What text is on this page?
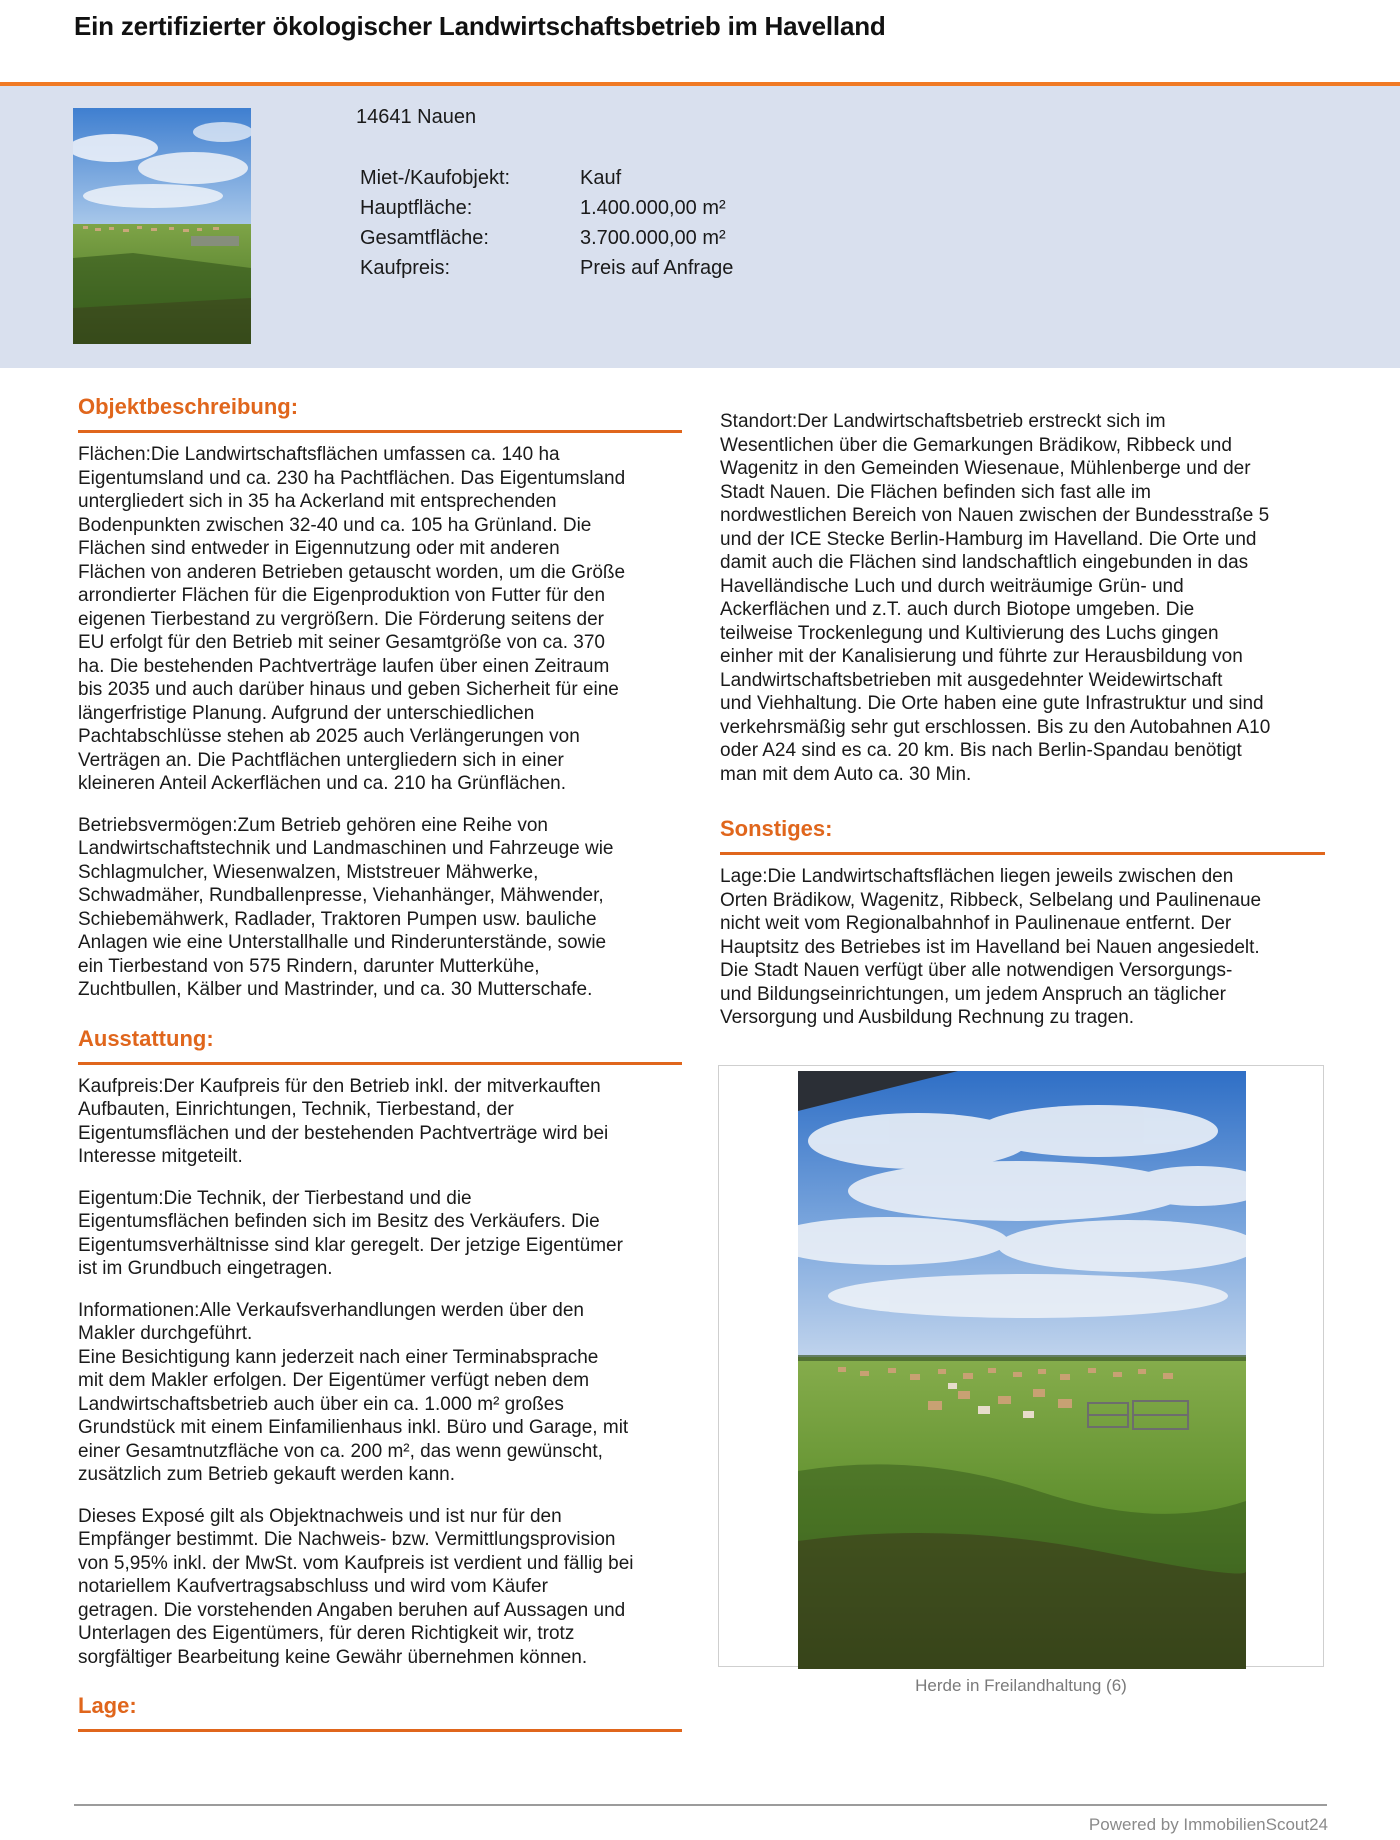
Ein zertifizierter ökologischer Landwirtschaftsbetrieb im Havelland
14641 Nauen
Miet-/Kaufobjekt:	Kauf
Hauptfläche:	1.400.000,00 m²
Gesamtfläche:	3.700.000,00 m²
Kaufpreis:	Preis auf Anfrage
Objektbeschreibung:

Flächen:Die Landwirtschaftsflächen umfassen ca. 140 ha
Eigentumsland und ca. 230 ha Pachtflächen. Das Eigentumsland
untergliedert sich in 35 ha Ackerland mit entsprechenden
Bodenpunkten zwischen 32-40 und ca. 105 ha Grünland. Die
Flächen sind entweder in Eigennutzung oder mit anderen
Flächen von anderen Betrieben getauscht worden, um die Größe
arrondierter Flächen für die Eigenproduktion von Futter für den
eigenen Tierbestand zu vergrößern. Die Förderung seitens der
EU erfolgt für den Betrieb mit seiner Gesamtgröße von ca. 370
ha. Die bestehenden Pachtverträge laufen über einen Zeitraum
bis 2035 und auch darüber hinaus und geben Sicherheit für eine
längerfristige Planung. Aufgrund der unterschiedlichen
Pachtabschlüsse stehen ab 2025 auch Verlängerungen von
Verträgen an. Die Pachtflächen untergliedern sich in einer
kleineren Anteil Ackerflächen und ca. 210 ha Grünflächen.

Betriebsvermögen:Zum Betrieb gehören eine Reihe von
Landwirtschaftstechnik und Landmaschinen und Fahrzeuge wie
Schlagmulcher, Wiesenwalzen, Miststreuer Mähwerke,
Schwadmäher, Rundballenpresse, Viehanhänger, Mähwender,
Schiebemähwerk, Radlader, Traktoren Pumpen usw. bauliche
Anlagen wie eine Unterstallhalle und Rinderunterstände, sowie
ein Tierbestand von 575 Rindern, darunter Mutterkühe,
Zuchtbullen, Kälber und Mastrinder, und ca. 30 Mutterschafe.

Ausstattung:

Kaufpreis:Der Kaufpreis für den Betrieb inkl. der mitverkauften
Aufbauten, Einrichtungen, Technik, Tierbestand, der
Eigentumsflächen und der bestehenden Pachtverträge wird bei
Interesse mitgeteilt.

Eigentum:Die Technik, der Tierbestand und die
Eigentumsflächen befinden sich im Besitz des Verkäufers. Die
Eigentumsverhältnisse sind klar geregelt. Der jetzige Eigentümer
ist im Grundbuch eingetragen.

Informationen:Alle Verkaufsverhandlungen werden über den
Makler durchgeführt.
Eine Besichtigung kann jederzeit nach einer Terminabsprache
mit dem Makler erfolgen. Der Eigentümer verfügt neben dem
Landwirtschaftsbetrieb auch über ein ca. 1.000 m² großes
Grundstück mit einem Einfamilienhaus inkl. Büro und Garage, mit
einer Gesamtnutzfläche von ca. 200 m², das wenn gewünscht,
zusätzlich zum Betrieb gekauft werden kann.

Dieses Exposé gilt als Objektnachweis und ist nur für den
Empfänger bestimmt. Die Nachweis- bzw. Vermittlungsprovision
von 5,95% inkl. der MwSt. vom Kaufpreis ist verdient und fällig bei
notariellem Kaufvertragsabschluss und wird vom Käufer
getragen. Die vorstehenden Angaben beruhen auf Aussagen und
Unterlagen des Eigentümers, für deren Richtigkeit wir, trotz
sorgfältiger Bearbeitung keine Gewähr übernehmen können.

Lage:

Standort:Der Landwirtschaftsbetrieb erstreckt sich im
Wesentlichen über die Gemarkungen Brädikow, Ribbeck und
Wagenitz in den Gemeinden Wiesenaue, Mühlenberge und der
Stadt Nauen. Die Flächen befinden sich fast alle im
nordwestlichen Bereich von Nauen zwischen der Bundesstraße 5
und der ICE Stecke Berlin-Hamburg im Havelland. Die Orte und
damit auch die Flächen sind landschaftlich eingebunden in das
Havelländische Luch und durch weiträumige Grün- und
Ackerflächen und z.T. auch durch Biotope umgeben. Die
teilweise Trockenlegung und Kultivierung des Luchs gingen
einher mit der Kanalisierung und führte zur Herausbildung von
Landwirtschaftsbetrieben mit ausgedehnter Weidewirtschaft
und Viehhaltung. Die Orte haben eine gute Infrastruktur und sind
verkehrsmäßig sehr gut erschlossen. Bis zu den Autobahnen A10
oder A24 sind es ca. 20 km. Bis nach Berlin-Spandau benötigt
man mit dem Auto ca. 30 Min.

Sonstiges:

Lage:Die Landwirtschaftsflächen liegen jeweils zwischen den
Orten Brädikow, Wagenitz, Ribbeck, Selbelang und Paulinenaue
nicht weit vom Regionalbahnhof in Paulinenaue entfernt. Der
Hauptsitz des Betriebes ist im Havelland bei Nauen angesiedelt.
Die Stadt Nauen verfügt über alle notwendigen Versorgungs-
und Bildungseinrichtungen, um jedem Anspruch an täglicher
Versorgung und Ausbildung Rechnung zu tragen.

Herde in Freilandhaltung (6)
Powered by ImmobilienScout24
